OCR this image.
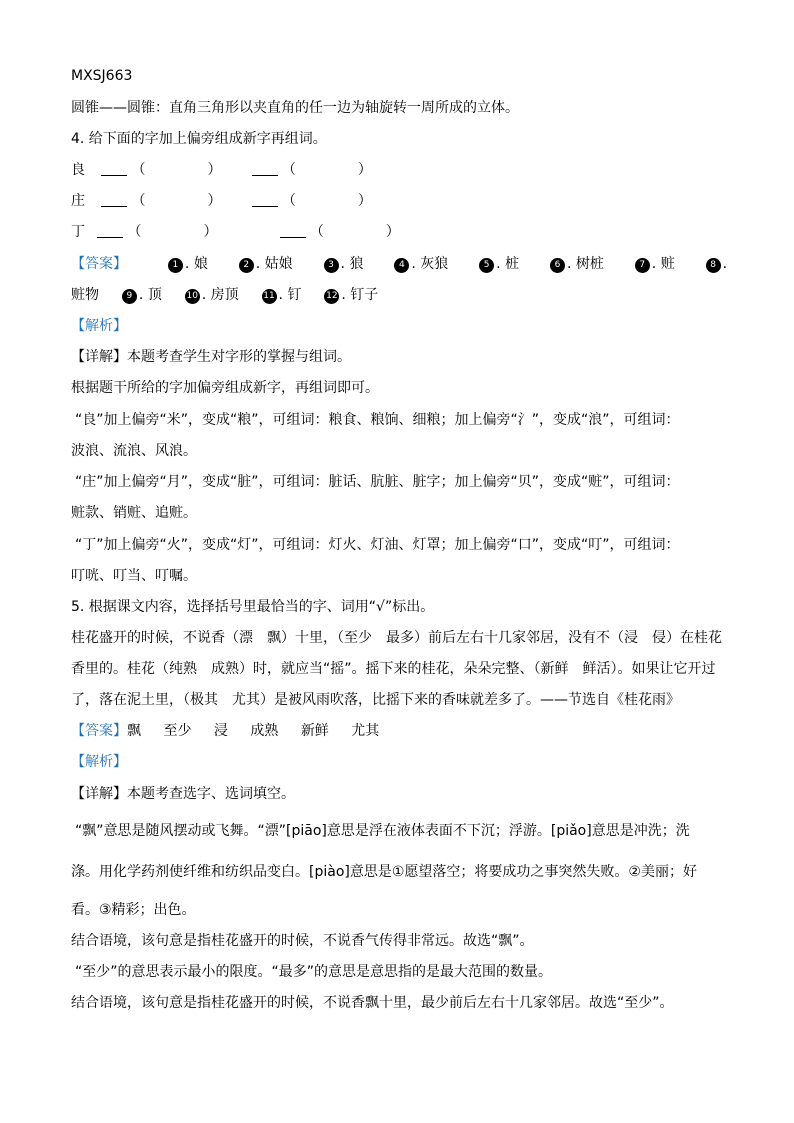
MXSJ663
圆锥——圆锥：直角三角形以夹直角的任一边为轴旋转一周所成的立体。
4. 给下面的字加上偏旁组成新字再组词。
良	（	）	（	）
庄	（	）	（	）
丁	（	）	（	）
【答案】	1 . 娘	2 . 姑娘	3 . 狼	4 . 灰狼	5 . 桩	6 . 树桩	7 . 赃	8 .
赃物	9 . 顶	10 . 房顶	11 . 钉	12 . 钉子
【解析】
【详解】本题考查学生对字形的掌握与组词。
根据题干所给的字加偏旁组成新字，再组词即可。
“良”加上偏旁“米”，变成“粮”，可组词：粮食、粮饷、细粮；加上偏旁“氵”，变成“浪”，可组词：
波浪、流浪、风浪。
“庄”加上偏旁“月”，变成“脏”，可组词：脏话、肮脏、脏字；加上偏旁“贝”，变成“赃”，可组词：
赃款、销赃、追赃。
“丁”加上偏旁“火”，变成“灯”，可组词：灯火、灯油、灯罩；加上偏旁“口”，变成“叮”，可组词：
叮咣、叮当、叮嘱。
5. 根据课文内容，选择括号里最恰当的字、词用“√”标出。
桂花盛开的时候，不说香（漂　飘）十里，（至少　最多）前后左右十几家邻居，没有不（浸　侵）在桂花
香里的。桂花（纯熟　成熟）时，就应当“摇”。摇下来的桂花，朵朵完整、（新鲜　鲜活）。如果让它开过
了，落在泥土里，（极其　尤其）是被风雨吹落，比摇下来的香味就差多了。——节选自《桂花雨》
【答案】飘 至少 浸 成熟 新鲜 尤其
【解析】
【详解】本题考查选字、选词填空。
“飘”意思是随风摆动或飞舞。“漂”[piāo]意思是浮在液体表面不下沉；浮游。[piǎo]意思是冲洗；洗
涤。用化学药剂使纤维和纺织品变白。[piào]意思是①愿望落空；将要成功之事突然失败。②美丽；好
看。③精彩；出色。
结合语境，该句意是指桂花盛开的时候，不说香气传得非常远。故选“飘”。
“至少”的意思表示最小的限度。“最多”的意思是意思指的是最大范围的数量。
结合语境，该句意是指桂花盛开的时候，不说香飘十里，最少前后左右十几家邻居。故选“至少”。
